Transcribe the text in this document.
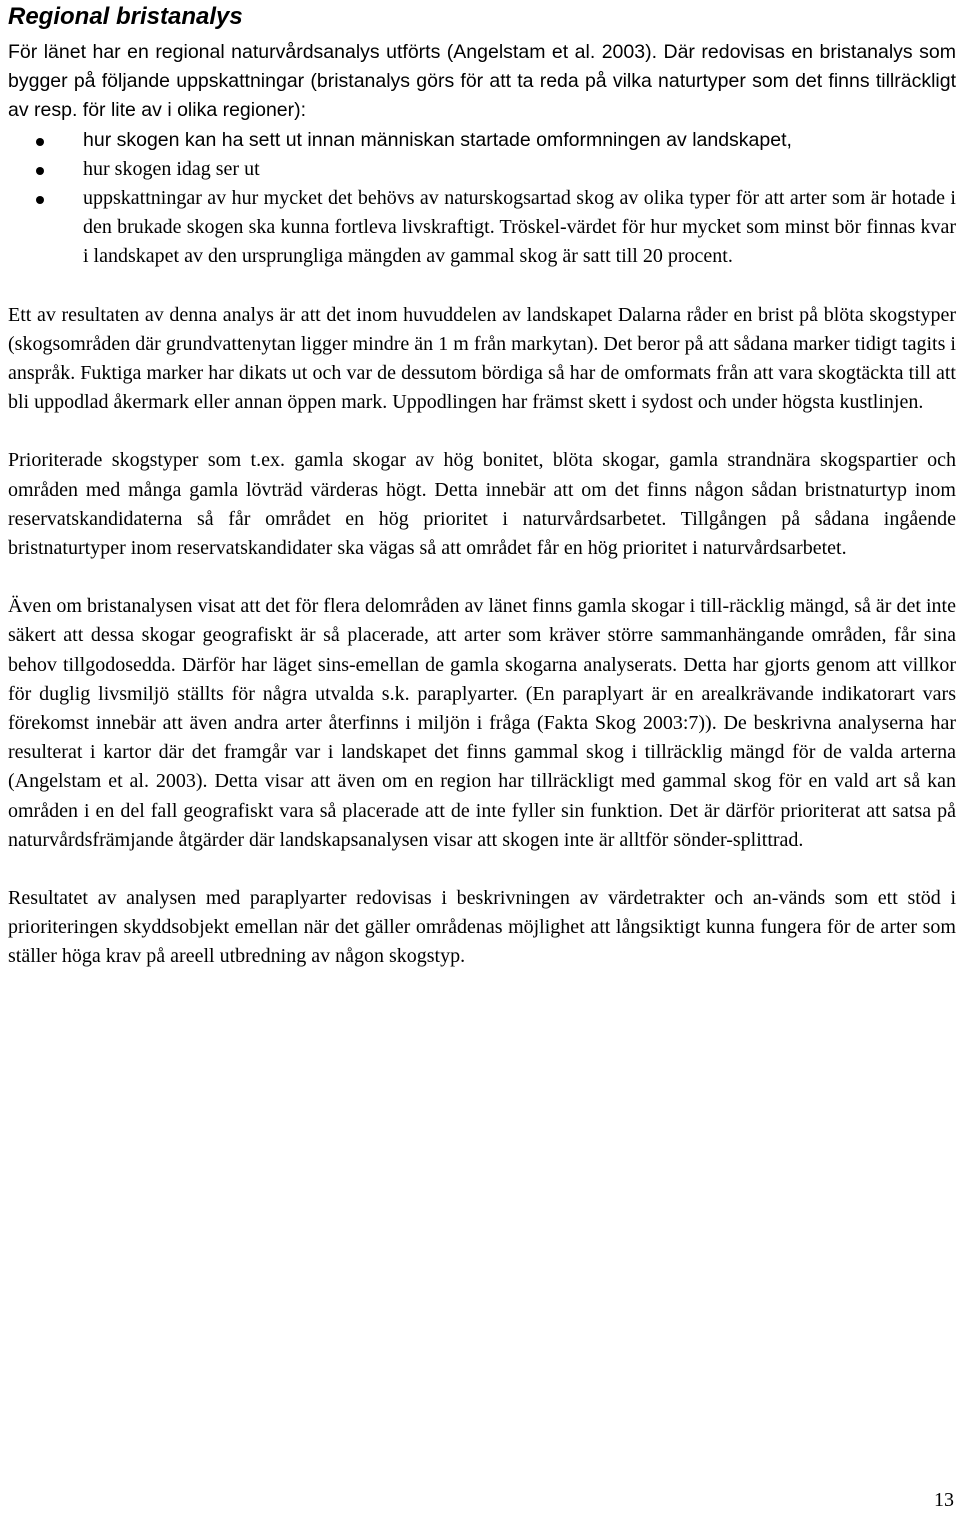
Regional bristanalys

För länet har en regional naturvårdsanalys utförts (Angelstam et al. 2003). Där redovisas en bristanalys som bygger på följande uppskattningar (bristanalys görs för att ta reda på vilka naturtyper som det finns tillräckligt av resp. för lite av i olika regioner):

hur skogen kan ha sett ut innan människan startade omformningen av landskapet,
hur skogen idag ser ut
uppskattningar av hur mycket det behövs av naturskogsartad skog av olika typer för att arter som är hotade i den brukade skogen ska kunna fortleva livskraftigt. Tröskel-värdet för hur mycket som minst bör finnas kvar i landskapet av den ursprungliga mängden av gammal skog är satt till 20 procent.

Ett av resultaten av denna analys är att det inom huvuddelen av landskapet Dalarna råder en brist på blöta skogstyper (skogsområden där grundvattenytan ligger mindre än 1 m från markytan). Det beror på att sådana marker tidigt tagits i anspråk. Fuktiga marker har dikats ut och var de dessutom bördiga så har de omformats från att vara skogtäckta till att bli uppodlad åkermark eller annan öppen mark. Uppodlingen har främst skett i sydost och under högsta kustlinjen.

Prioriterade skogstyper som t.ex. gamla skogar av hög bonitet, blöta skogar, gamla strandnära skogspartier och områden med många gamla lövträd värderas högt. Detta innebär att om det finns någon sådan bristnaturtyp inom reservatskandidaterna så får området en hög prioritet i naturvårdsarbetet. Tillgången på sådana ingående bristnaturtyper inom reservatskandidater ska vägas så att området får en hög prioritet i naturvårdsarbetet.

Även om bristanalysen visat att det för flera delområden av länet finns gamla skogar i till-räcklig mängd, så är det inte säkert att dessa skogar geografiskt är så placerade, att arter som kräver större sammanhängande områden, får sina behov tillgodosedda. Därför har läget sins-emellan de gamla skogarna analyserats. Detta har gjorts genom att villkor för duglig livsmiljö ställts för några utvalda s.k. paraplyarter. (En paraplyart är en arealkrävande indikatorart vars förekomst innebär att även andra arter återfinns i miljön i fråga (Fakta Skog 2003:7)). De beskrivna analyserna har resulterat i kartor där det framgår var i landskapet det finns gammal skog i tillräcklig mängd för de valda arterna (Angelstam et al. 2003). Detta visar att även om en region har tillräckligt med gammal skog för en vald art så kan områden i en del fall geografiskt vara så placerade att de inte fyller sin funktion. Det är därför prioriterat att satsa på naturvårdsfrämjande åtgärder där landskapsanalysen visar att skogen inte är alltför sönder-splittrad.

Resultatet av analysen med paraplyarter redovisas i beskrivningen av värdetrakter och an-vänds som ett stöd i prioriteringen skyddsobjekt emellan när det gäller områdenas möjlighet att långsiktigt kunna fungera för de arter som ställer höga krav på areell utbredning av någon skogstyp.

13
